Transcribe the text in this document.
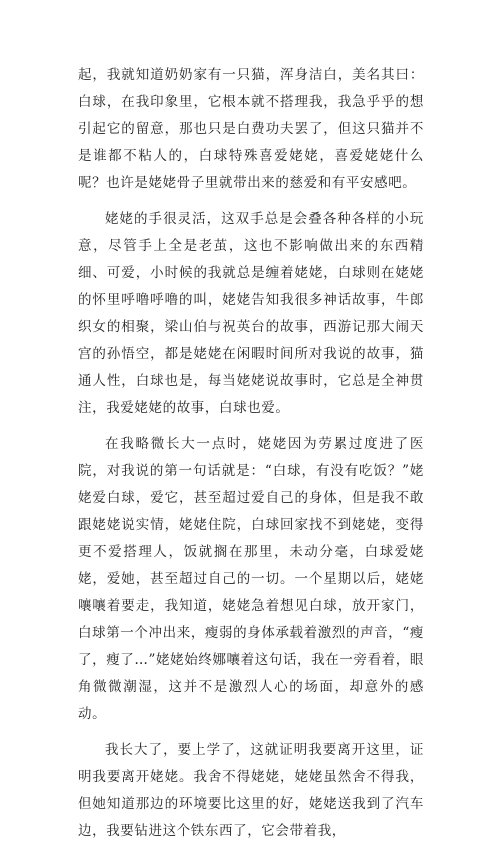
起，我就知道奶奶家有一只猫，浑身洁白，美名其曰：白球，在我印象里，它根本就不搭理我，我急乎乎的想引起它的留意，那也只是白费功夫罢了，但这只猫并不是谁都不粘人的，白球特殊喜爱姥姥，喜爱姥姥什么呢？也许是姥姥骨子里就带出来的慈爱和有平安感吧。

姥姥的手很灵活，这双手总是会叠各种各样的小玩意，尽管手上全是老茧，这也不影响做出来的东西精细、可爱，小时候的我就总是缠着姥姥，白球则在姥姥的怀里呼噜呼噜的叫，姥姥告知我很多神话故事，牛郎织女的相聚，梁山伯与祝英台的故事，西游记那大闹天宫的孙悟空，都是姥姥在闲暇时间所对我说的故事，猫通人性，白球也是，每当姥姥说故事时，它总是全神贯注，我爱姥姥的故事，白球也爱。

在我略微长大一点时，姥姥因为劳累过度进了医院，对我说的第一句话就是：“白球，有没有吃饭？”姥姥爱白球，爱它，甚至超过爱自己的身体，但是我不敢跟姥姥说实情，姥姥住院，白球回家找不到姥姥，变得更不爱搭理人，饭就搁在那里，未动分毫，白球爱姥姥，爱她，甚至超过自己的一切。一个星期以后，姥姥嚷嚷着要走，我知道，姥姥急着想见白球，放开家门，白球第一个冲出来，瘦弱的身体承载着激烈的声音，“瘦了，瘦了…”姥姥始终娜嚷着这句话，我在一旁看着，眼角微微潮湿，这并不是激烈人心的场面，却意外的感动。

我长大了，要上学了，这就证明我要离开这里，证明我要离开姥姥。我舍不得姥姥，姥姥虽然舍不得我，但她知道那边的环境要比这里的好，姥姥送我到了汽车边，我要钻进这个铁东西了，它会带着我，
